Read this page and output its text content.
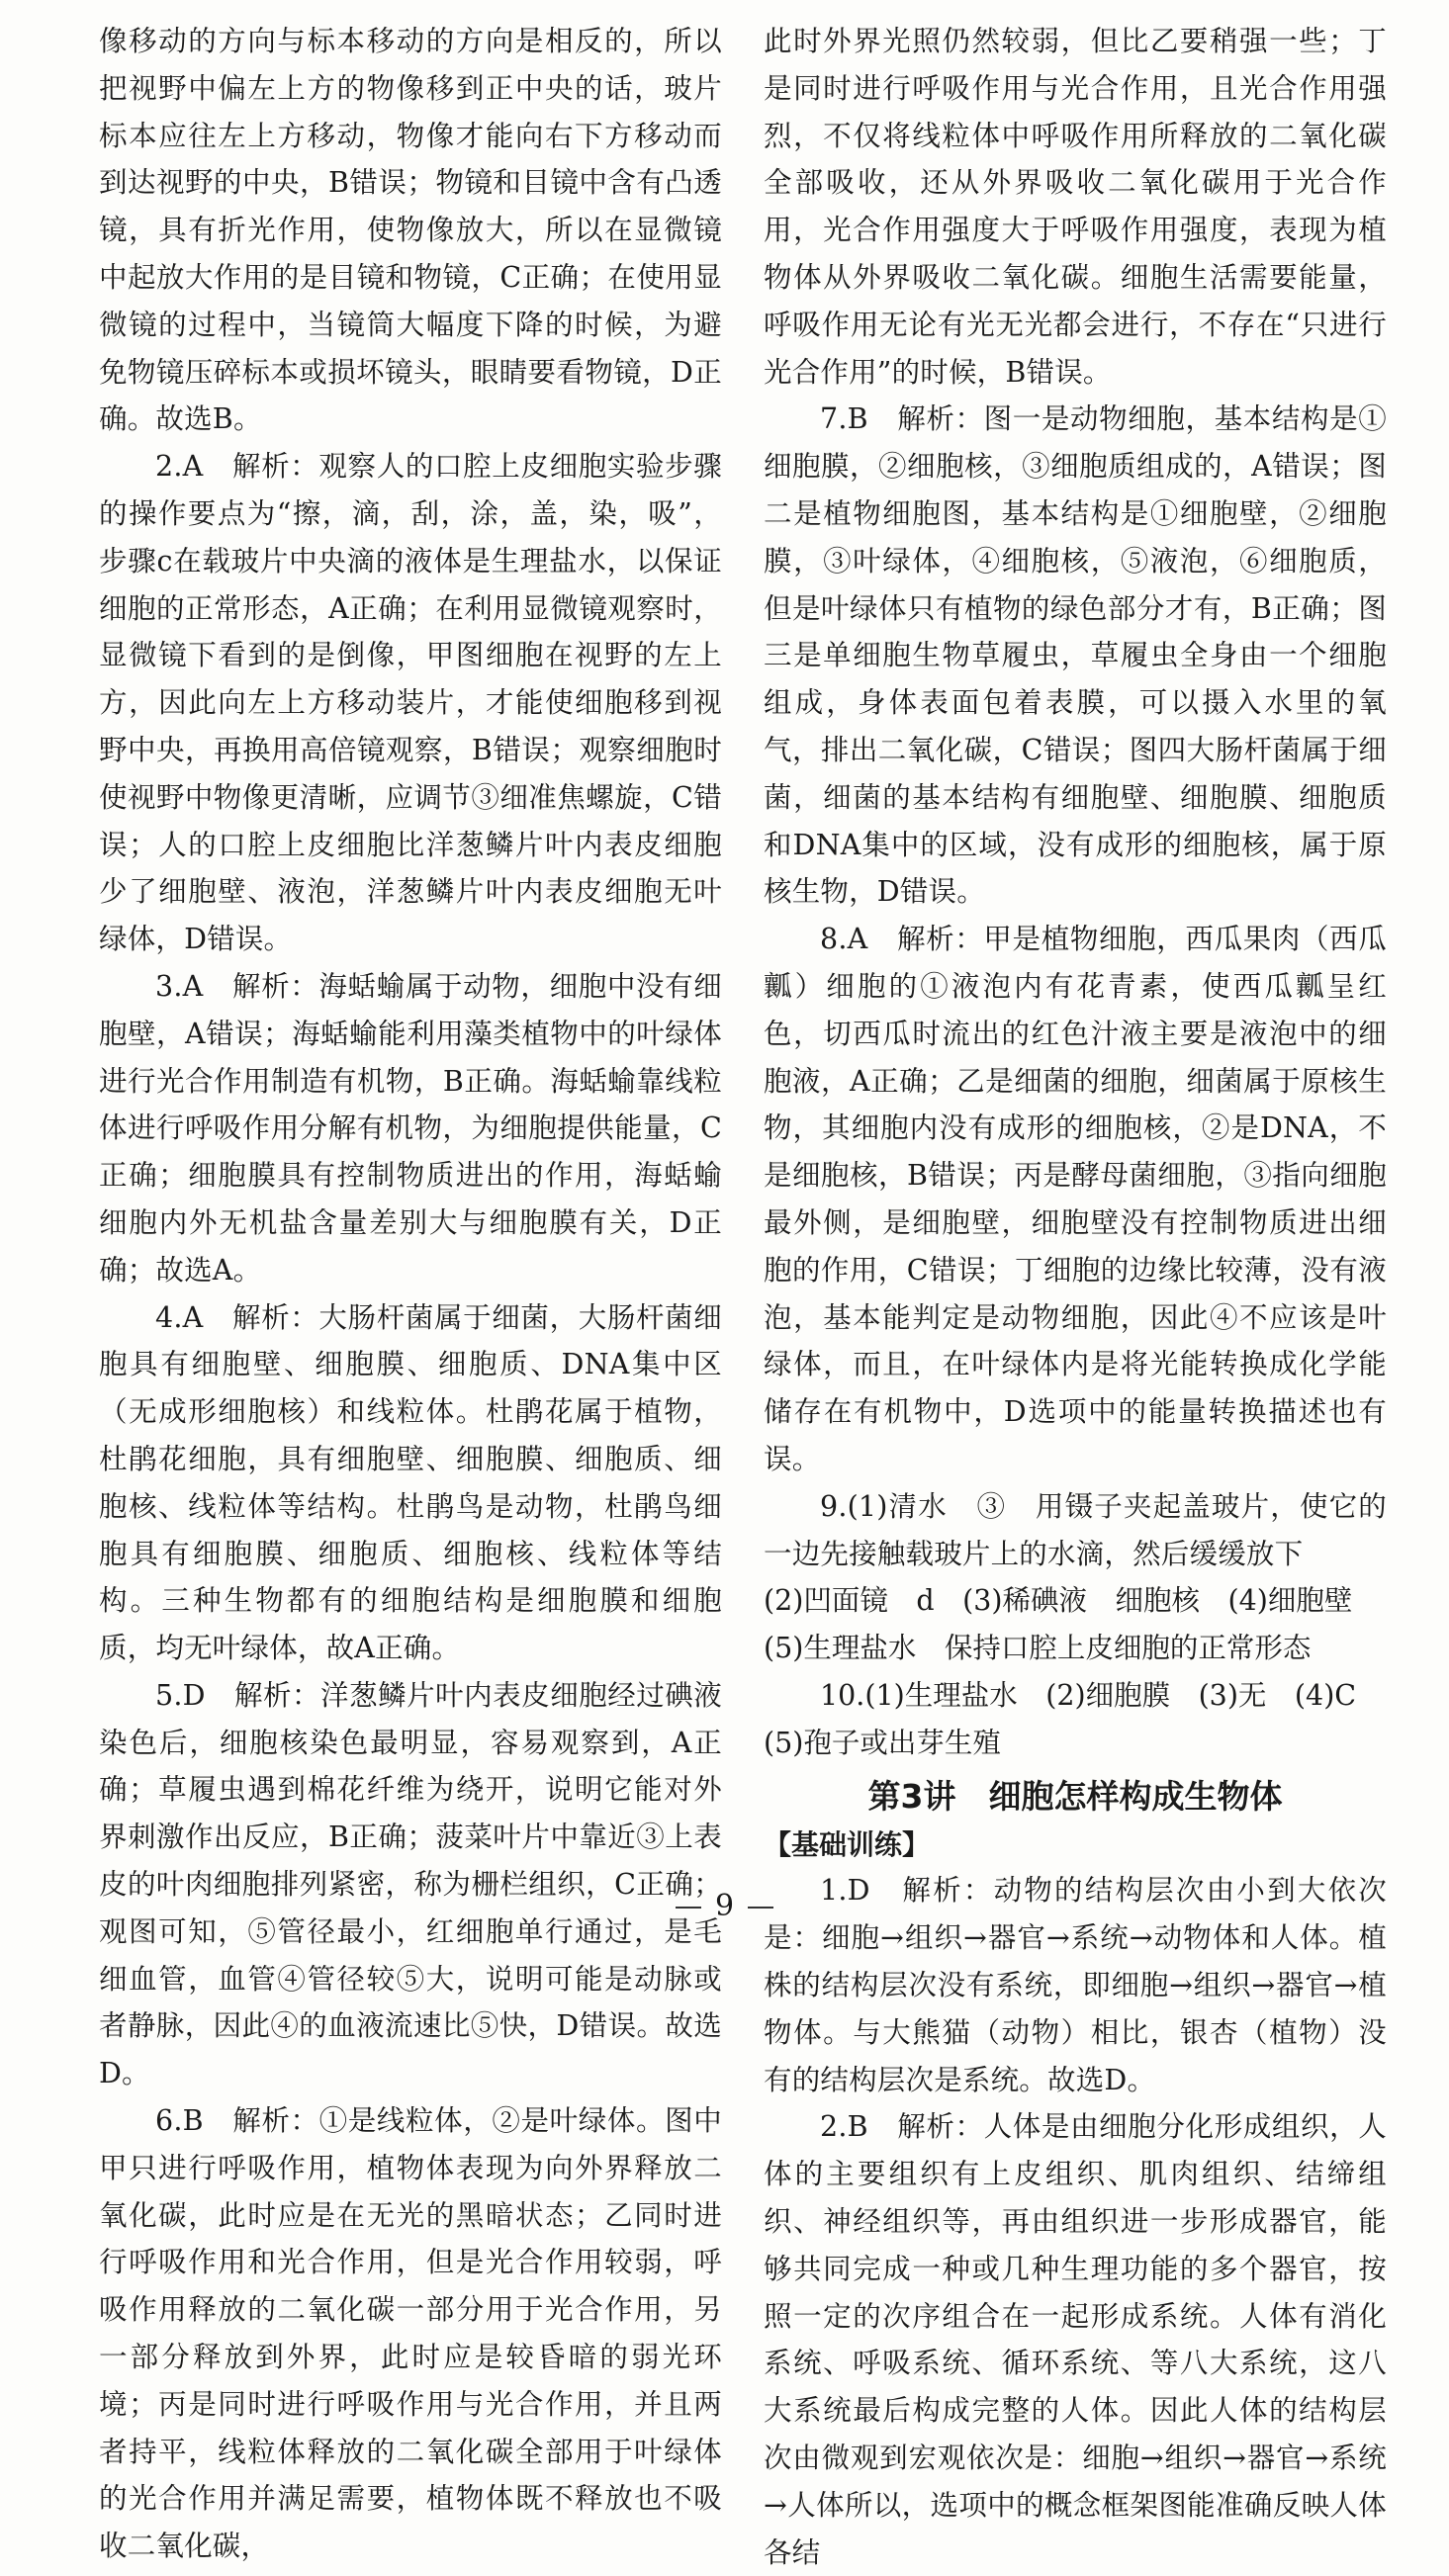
像移动的方向与标本移动的方向是相反的，所以把视野中偏左上方的物像移到正中央的话，玻片标本应往左上方移动，物像才能向右下方移动而到达视野的中央，B错误；物镜和目镜中含有凸透镜，具有折光作用，使物像放大，所以在显微镜中起放大作用的是目镜和物镜，C正确；在使用显微镜的过程中，当镜筒大幅度下降的时候，为避免物镜压碎标本或损坏镜头，眼睛要看物镜，D正确。故选B。

2.A　解析：观察人的口腔上皮细胞实验步骤的操作要点为“擦，滴，刮，涂，盖，染，吸”，步骤c在载玻片中央滴的液体是生理盐水，以保证细胞的正常形态，A正确；在利用显微镜观察时，显微镜下看到的是倒像，甲图细胞在视野的左上方，因此向左上方移动装片，才能使细胞移到视野中央，再换用高倍镜观察，B错误；观察细胞时使视野中物像更清晰，应调节③细准焦螺旋，C错误；人的口腔上皮细胞比洋葱鳞片叶内表皮细胞少了细胞壁、液泡，洋葱鳞片叶内表皮细胞无叶绿体，D错误。

3.A　解析：海蛞蝓属于动物，细胞中没有细胞壁，A错误；海蛞蝓能利用藻类植物中的叶绿体进行光合作用制造有机物，B正确。海蛞蝓靠线粒体进行呼吸作用分解有机物，为细胞提供能量，C正确；细胞膜具有控制物质进出的作用，海蛞蝓细胞内外无机盐含量差别大与细胞膜有关，D正确；故选A。

4.A　解析：大肠杆菌属于细菌，大肠杆菌细胞具有细胞壁、细胞膜、细胞质、DNA集中区（无成形细胞核）和线粒体。杜鹃花属于植物，杜鹃花细胞，具有细胞壁、细胞膜、细胞质、细胞核、线粒体等结构。杜鹃鸟是动物，杜鹃鸟细胞具有细胞膜、细胞质、细胞核、线粒体等结构。三种生物都有的细胞结构是细胞膜和细胞质，均无叶绿体，故A正确。

5.D　解析：洋葱鳞片叶内表皮细胞经过碘液染色后，细胞核染色最明显，容易观察到，A正确；草履虫遇到棉花纤维为绕开，说明它能对外界刺激作出反应，B正确；菠菜叶片中靠近③上表皮的叶肉细胞排列紧密，称为栅栏组织，C正确；观图可知，⑤管径最小，红细胞单行通过，是毛细血管，血管④管径较⑤大，说明可能是动脉或者静脉，因此④的血液流速比⑤快，D错误。故选D。

6.B　解析：①是线粒体，②是叶绿体。图中甲只进行呼吸作用，植物体表现为向外界释放二氧化碳，此时应是在无光的黑暗状态；乙同时进行呼吸作用和光合作用，但是光合作用较弱，呼吸作用释放的二氧化碳一部分用于光合作用，另一部分释放到外界，此时应是较昏暗的弱光环境；丙是同时进行呼吸作用与光合作用，并且两者持平，线粒体释放的二氧化碳全部用于叶绿体的光合作用并满足需要，植物体既不释放也不吸收二氧化碳，

此时外界光照仍然较弱，但比乙要稍强一些；丁是同时进行呼吸作用与光合作用，且光合作用强烈，不仅将线粒体中呼吸作用所释放的二氧化碳全部吸收，还从外界吸收二氧化碳用于光合作用，光合作用强度大于呼吸作用强度，表现为植物体从外界吸收二氧化碳。细胞生活需要能量，呼吸作用无论有光无光都会进行，不存在“只进行光合作用”的时候，B错误。

7.B　解析：图一是动物细胞，基本结构是①细胞膜，②细胞核，③细胞质组成的，A错误；图二是植物细胞图，基本结构是①细胞壁，②细胞膜，③叶绿体，④细胞核，⑤液泡，⑥细胞质，但是叶绿体只有植物的绿色部分才有，B正确；图三是单细胞生物草履虫，草履虫全身由一个细胞组成，身体表面包着表膜，可以摄入水里的氧气，排出二氧化碳，C错误；图四大肠杆菌属于细菌，细菌的基本结构有细胞壁、细胞膜、细胞质和DNA集中的区域，没有成形的细胞核，属于原核生物，D错误。

8.A　解析：甲是植物细胞，西瓜果肉（西瓜瓤）细胞的①液泡内有花青素，使西瓜瓤呈红色，切西瓜时流出的红色汁液主要是液泡中的细胞液，A正确；乙是细菌的细胞，细菌属于原核生物，其细胞内没有成形的细胞核，②是DNA，不是细胞核，B错误；丙是酵母菌细胞，③指向细胞最外侧，是细胞壁，细胞壁没有控制物质进出细胞的作用，C错误；丁细胞的边缘比较薄，没有液泡，基本能判定是动物细胞，因此④不应该是叶绿体，而且，在叶绿体内是将光能转换成化学能储存在有机物中，D选项中的能量转换描述也有误。

9.(1)清水　③　用镊子夹起盖玻片，使它的一边先接触载玻片上的水滴，然后缓缓放下

(2)凹面镜　d　(3)稀碘液　细胞核　(4)细胞壁

(5)生理盐水　保持口腔上皮细胞的正常形态

10.(1)生理盐水　(2)细胞膜　(3)无　(4)C

(5)孢子或出芽生殖

第3讲　细胞怎样构成生物体

【基础训练】

1.D　解析：动物的结构层次由小到大依次是：细胞→组织→器官→系统→动物体和人体。植株的结构层次没有系统，即细胞→组织→器官→植物体。与大熊猫（动物）相比，银杏（植物）没有的结构层次是系统。故选D。

2.B　解析：人体是由细胞分化形成组织，人体的主要组织有上皮组织、肌肉组织、结缔组织、神经组织等，再由组织进一步形成器官，能够共同完成一种或几种生理功能的多个器官，按照一定的次序组合在一起形成系统。人体有消化系统、呼吸系统、循环系统、等八大系统，这八大系统最后构成完整的人体。因此人体的结构层次由微观到宏观依次是：细胞→组织→器官→系统→人体所以，选项中的概念框架图能准确反映人体各结

9
